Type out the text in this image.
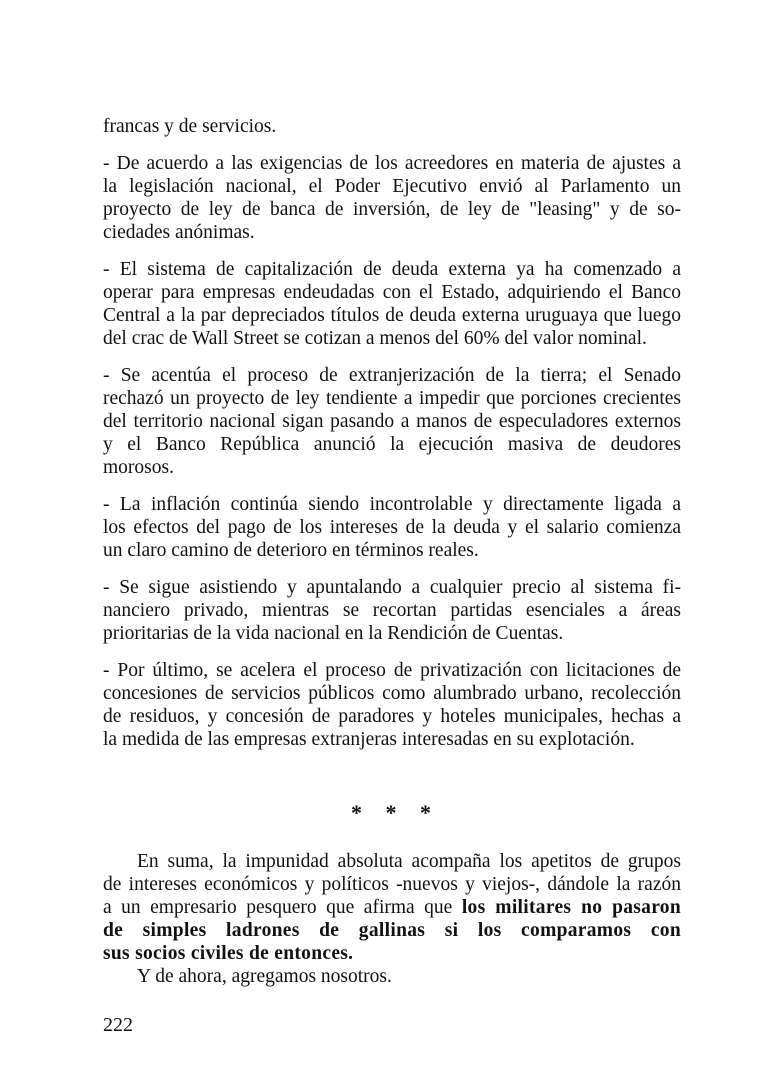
francas y de servicios.
- De acuerdo a las exigencias de los acreedores en materia de ajustes a
la legislación nacional, el Poder Ejecutivo envió al Parlamento un
proyecto de ley de banca de inversión, de ley de "leasing" y de so-
ciedades anónimas.
- El sistema de capitalización de deuda externa ya ha comenzado a
operar para empresas endeudadas con el Estado, adquiriendo el Banco
Central a la par depreciados títulos de deuda externa uruguaya que luego
del crac de Wall Street se cotizan a menos del 60% del valor nominal.
- Se acentúa el proceso de extranjerización de la tierra; el Senado
rechazó un proyecto de ley tendiente a impedir que porciones crecientes
del territorio nacional sigan pasando a manos de especuladores externos
y el Banco República anunció la ejecución masiva de deudores
morosos.
- La inflación continúa siendo incontrolable y directamente ligada a
los efectos del pago de los intereses de la deuda y el salario comienza
un claro camino de deterioro en términos reales.
- Se sigue asistiendo y apuntalando a cualquier precio al sistema fi-
nanciero privado, mientras se recortan partidas esenciales a áreas
prioritarias de la vida nacional en la Rendición de Cuentas.
- Por último, se acelera el proceso de privatización con licitaciones de
concesiones de servicios públicos como alumbrado urbano, recolección
de residuos, y concesión de paradores y hoteles municipales, hechas a
la medida de las empresas extranjeras interesadas en su explotación.
En suma, la impunidad absoluta acompaña los apetitos de grupos
de intereses económicos y políticos -nuevos y viejos-, dándole la razón
a un empresario pesquero que afirma que los militares no pasaron
de simples ladrones de gallinas si los comparamos con
sus socios civiles de entonces.
Y de ahora, agregamos nosotros.
* * *
222
